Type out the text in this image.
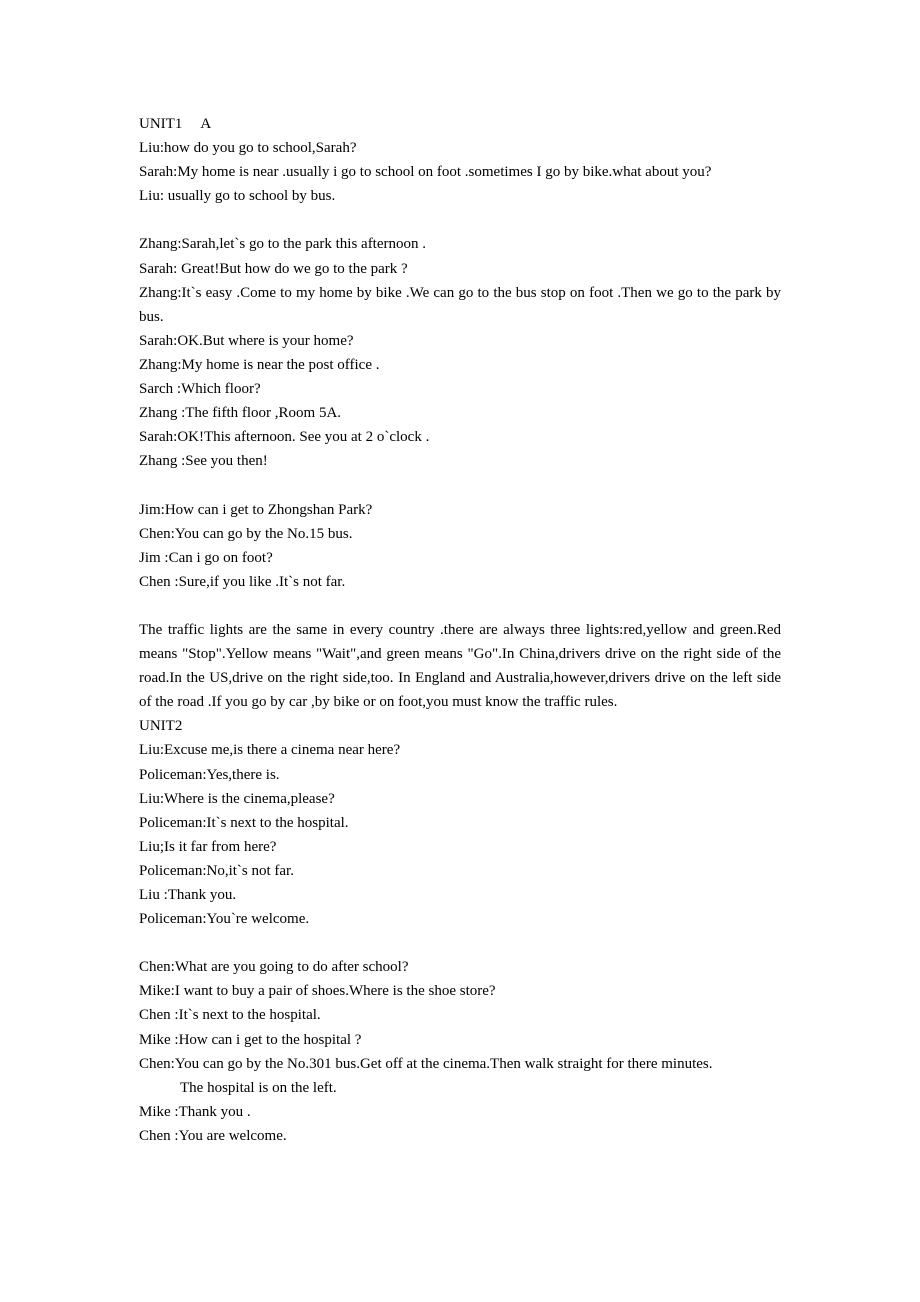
UNIT1 A
Liu:how do you go to school,Sarah?
Sarah:My home is near .usually i go to school on foot .sometimes I go by bike.what about you?
Liu: usually go to school by bus.
Zhang:Sarah,let`s go to the park this afternoon .
Sarah: Great!But how do we go to the park ?
Zhang:It`s easy .Come to my home by bike .We can go to the bus stop on foot .Then we go to the park by bus.
Sarah:OK.But where is your home?
Zhang:My home is near the post office .
Sarch :Which floor?
Zhang :The fifth floor ,Room 5A.
Sarah:OK!This afternoon. See you at 2 o`clock .
Zhang :See you then!
Jim:How can i get to Zhongshan Park?
Chen:You can go by the No.15 bus.
Jim :Can i go on foot?
Chen :Sure,if you like .It`s not far.
The traffic lights are the same in every country .there are always three lights:red,yellow and green.Red means "Stop".Yellow means "Wait",and green means "Go".In China,drivers drive on the right side of the road.In the US,drive on the right side,too. In England and Australia,however,drivers drive on the left side of the road .If you go by car ,by bike or on foot,you must know the traffic rules.
UNIT2
Liu:Excuse me,is there a cinema near here?
Policeman:Yes,there is.
Liu:Where is the cinema,please?
Policeman:It`s next to the hospital.
Liu;Is it far from here?
Policeman:No,it`s not far.
Liu :Thank you.
Policeman:You`re welcome.
Chen:What are you going to do after school?
Mike:I want to buy a pair of shoes.Where is the shoe store?
Chen :It`s next to the hospital.
Mike :How can i get to the hospital ?
Chen:You can go by the No.301 bus.Get off at the cinema.Then walk straight for there minutes.
The hospital is on the left.
Mike :Thank you .
Chen :You are welcome.
